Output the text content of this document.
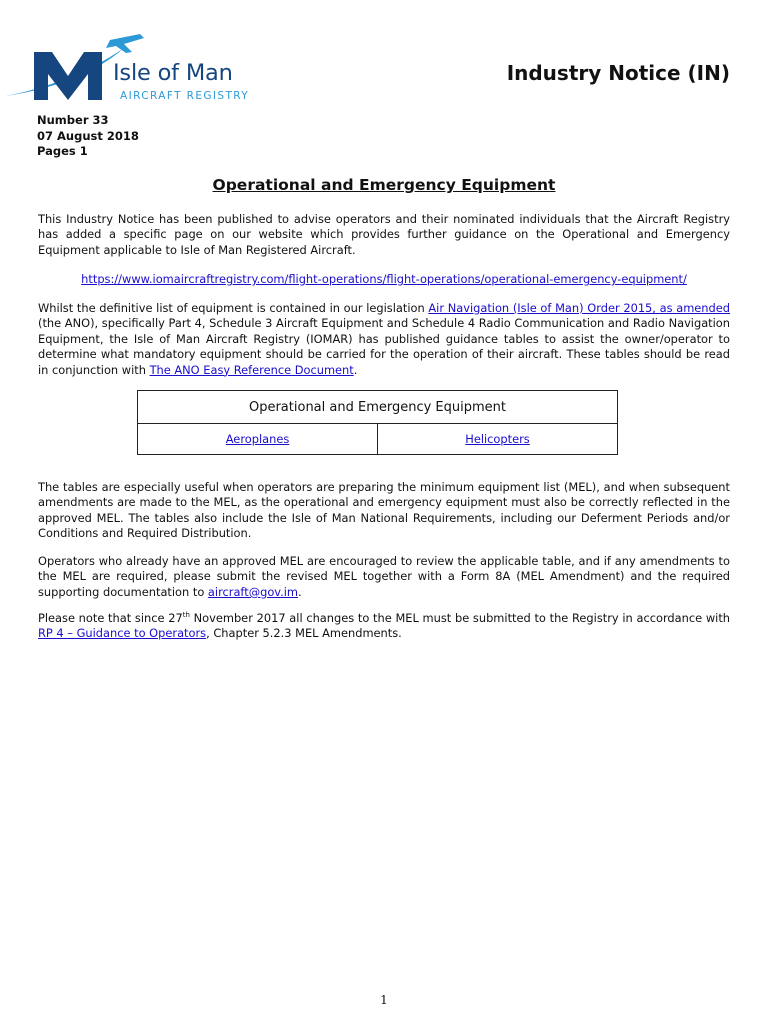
Isle of Man
AIRCRAFT REGISTRY
Industry Notice (IN)
Number 33
07 August 2018
Pages 1
Operational and Emergency Equipment
This Industry Notice has been published to advise operators and their nominated individuals that the Aircraft Registry has added a specific page on our website which provides further guidance on the Operational and Emergency Equipment applicable to Isle of Man Registered Aircraft.
https://www.iomaircraftregistry.com/flight-operations/flight-operations/operational-emergency-equipment/
Whilst the definitive list of equipment is contained in our legislation Air Navigation (Isle of Man) Order 2015, as amended (the ANO), specifically Part 4, Schedule 3 Aircraft Equipment and Schedule 4 Radio Communication and Radio Navigation Equipment, the Isle of Man Aircraft Registry (IOMAR) has published guidance tables to assist the owner/operator to determine what mandatory equipment should be carried for the operation of their aircraft. These tables should be read in conjunction with The ANO Easy Reference Document.
Operational and Emergency Equipment
Aeroplanes	Helicopters
The tables are especially useful when operators are preparing the minimum equipment list (MEL), and when subsequent amendments are made to the MEL, as the operational and emergency equipment must also be correctly reflected in the approved MEL. The tables also include the Isle of Man National Requirements, including our Deferment Periods and/or Conditions and Required Distribution.
Operators who already have an approved MEL are encouraged to review the applicable table, and if any amendments to the MEL are required, please submit the revised MEL together with a Form 8A (MEL Amendment) and the required supporting documentation to aircraft@gov.im.
Please note that since 27th November 2017 all changes to the MEL must be submitted to the Registry in accordance with RP 4 – Guidance to Operators, Chapter 5.2.3 MEL Amendments.
1
